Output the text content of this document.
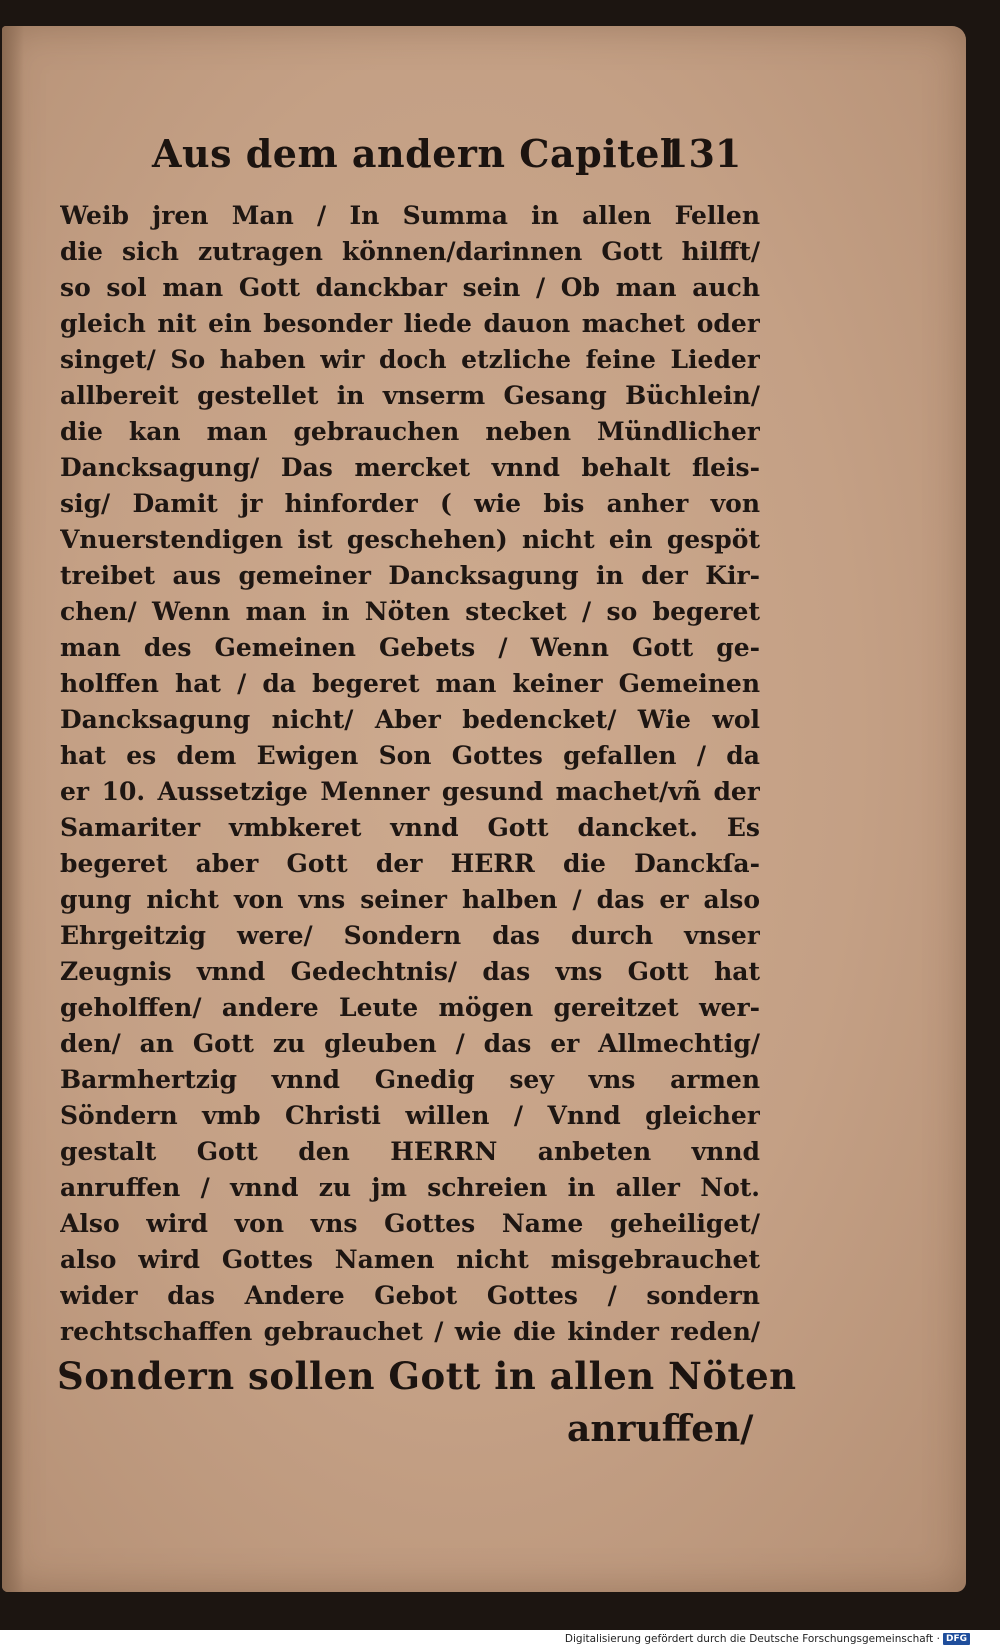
Aus dem andern Capitel
131
Weib jren Man / In Summa in allen Fellen
die sich zutragen können/darinnen Gott hilfft/
so sol man Gott danckbar sein / Ob man auch
gleich nit ein besonder liede dauon machet oder
singet/ So haben wir doch etzliche feine Lieder
allbereit gestellet in vnserm Gesang Büchlein/
die kan man gebrauchen neben Mündlicher
Dancksagung/ Das mercket vnnd behalt fleis-
sig/ Damit jr hinforder ( wie bis anher von
Vnuerstendigen ist geschehen) nicht ein gespöt
treibet aus gemeiner Dancksagung in der Kir-
chen/ Wenn man in Nöten stecket / so begeret
man des Gemeinen Gebets / Wenn Gott ge-
holffen hat / da begeret man keiner Gemeinen
Dancksagung nicht/ Aber bedencket/ Wie wol
hat es dem Ewigen Son Gottes gefallen / da
er 10. Aussetzige Menner gesund machet/vñ der
Samariter vmbkeret vnnd Gott dancket. Es
begeret aber Gott der HERR die Danckſa-
gung nicht von vns seiner halben / das er also
Ehrgeitzig were/ Sondern das durch vnser
Zeugnis vnnd Gedechtnis/ das vns Gott hat
geholffen/ andere Leute mögen gereitzet wer-
den/ an Gott zu gleuben / das er Allmechtig/
Barmhertzig vnnd Gnedig sey vns armen
Söndern vmb Christi willen / Vnnd gleicher
gestalt Gott den HERRN anbeten vnnd
anruffen / vnnd zu jm schreien in aller Not.
Also wird von vns Gottes Name geheiliget/
also wird Gottes Namen nicht misgebrauchet
wider das Andere Gebot Gottes / sondern
rechtschaffen gebrauchet / wie die kinder reden/
Sondern sollen Gott in allen Nöten
anruffen/
Digitalisierung gefördert durch die Deutsche Forschungsgemeinschaft · DFG
